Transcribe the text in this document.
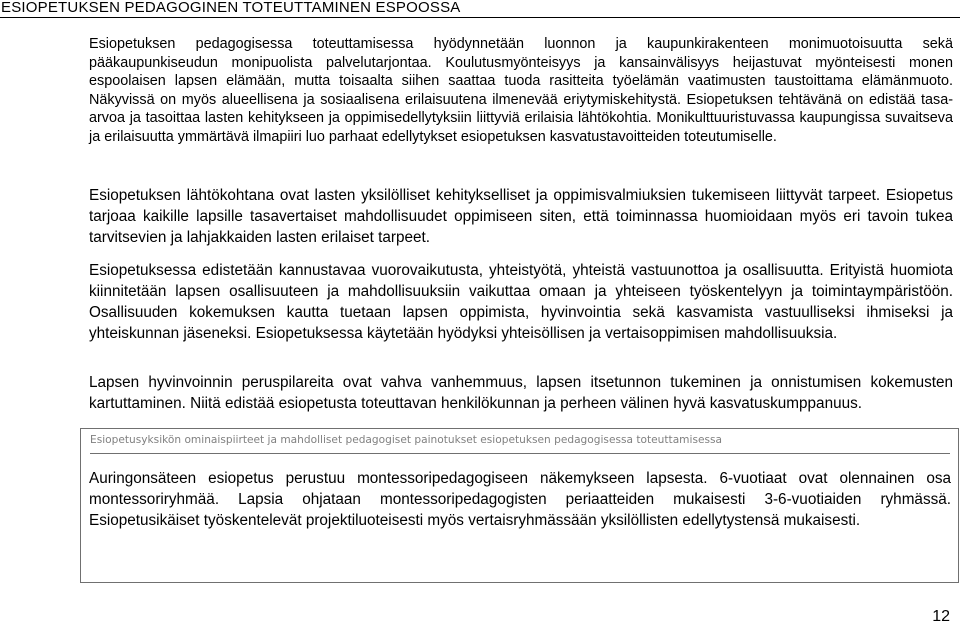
ESIOPETUKSEN PEDAGOGINEN TOTEUTTAMINEN ESPOOSSA

Esiopetuksen pedagogisessa toteuttamisessa hyödynnetään luonnon ja kaupunkirakenteen monimuotoisuutta sekä pääkaupunkiseudun monipuolista palvelutarjontaa. Koulutusmyönteisyys ja kansainvälisyys heijastuvat myönteisesti monen espoolaisen lapsen elämään, mutta toisaalta siihen saattaa tuoda rasitteita työelämän vaatimusten taustoittama elämänmuoto. Näkyvissä on myös alueellisena ja sosiaalisena erilaisuutena ilmenevää eriytymiskehitystä. Esiopetuksen tehtävänä on edistää tasa-arvoa ja tasoittaa lasten kehitykseen ja oppimisedellytyksiin liittyviä erilaisia lähtökohtia. Monikulttuuristuvassa kaupungissa suvaitseva ja erilaisuutta ymmärtävä ilmapiiri luo parhaat edellytykset esiopetuksen kasvatustavoitteiden toteutumiselle.

Esiopetuksen lähtökohtana ovat lasten yksilölliset kehitykselliset ja oppimisvalmiuksien tukemiseen liittyvät tarpeet. Esiopetus tarjoaa kaikille lapsille tasavertaiset mahdollisuudet oppimiseen siten, että toiminnassa huomioidaan myös eri tavoin tukea tarvitsevien ja lahjakkaiden lasten erilaiset tarpeet.

Esiopetuksessa edistetään kannustavaa vuorovaikutusta, yhteistyötä, yhteistä vastuunottoa ja osallisuutta. Erityistä huomiota kiinnitetään lapsen osallisuuteen ja mahdollisuuksiin vaikuttaa omaan ja yhteiseen työskentelyyn ja toimintaympäristöön. Osallisuuden kokemuksen kautta tuetaan lapsen oppimista, hyvinvointia sekä kasvamista vastuulliseksi ihmiseksi ja yhteiskunnan jäseneksi. Esiopetuksessa käytetään hyödyksi yhteisöllisen ja vertaisoppimisen mahdollisuuksia.

Lapsen hyvinvoinnin peruspilareita ovat vahva vanhemmuus, lapsen itsetunnon tukeminen ja onnistumisen kokemusten kartuttaminen. Niitä edistää esiopetusta toteuttavan henkilökunnan ja perheen välinen hyvä kasvatuskumppanuus.

Esiopetusyksikön ominaispiirteet ja mahdolliset pedagogiset painotukset esiopetuksen pedagogisessa toteuttamisessa

Auringonsäteen esiopetus perustuu montessoripedagogiseen näkemykseen lapsesta. 6-vuotiaat ovat olennainen osa montessoriryhmää. Lapsia ohjataan montessoripedagogisten periaatteiden mukaisesti 3-6-vuotiaiden ryhmässä. Esiopetusikäiset työskentelevät projektiluoteisesti myös vertaisryhmässään yksilöllisten edellytystensä mukaisesti.

12
